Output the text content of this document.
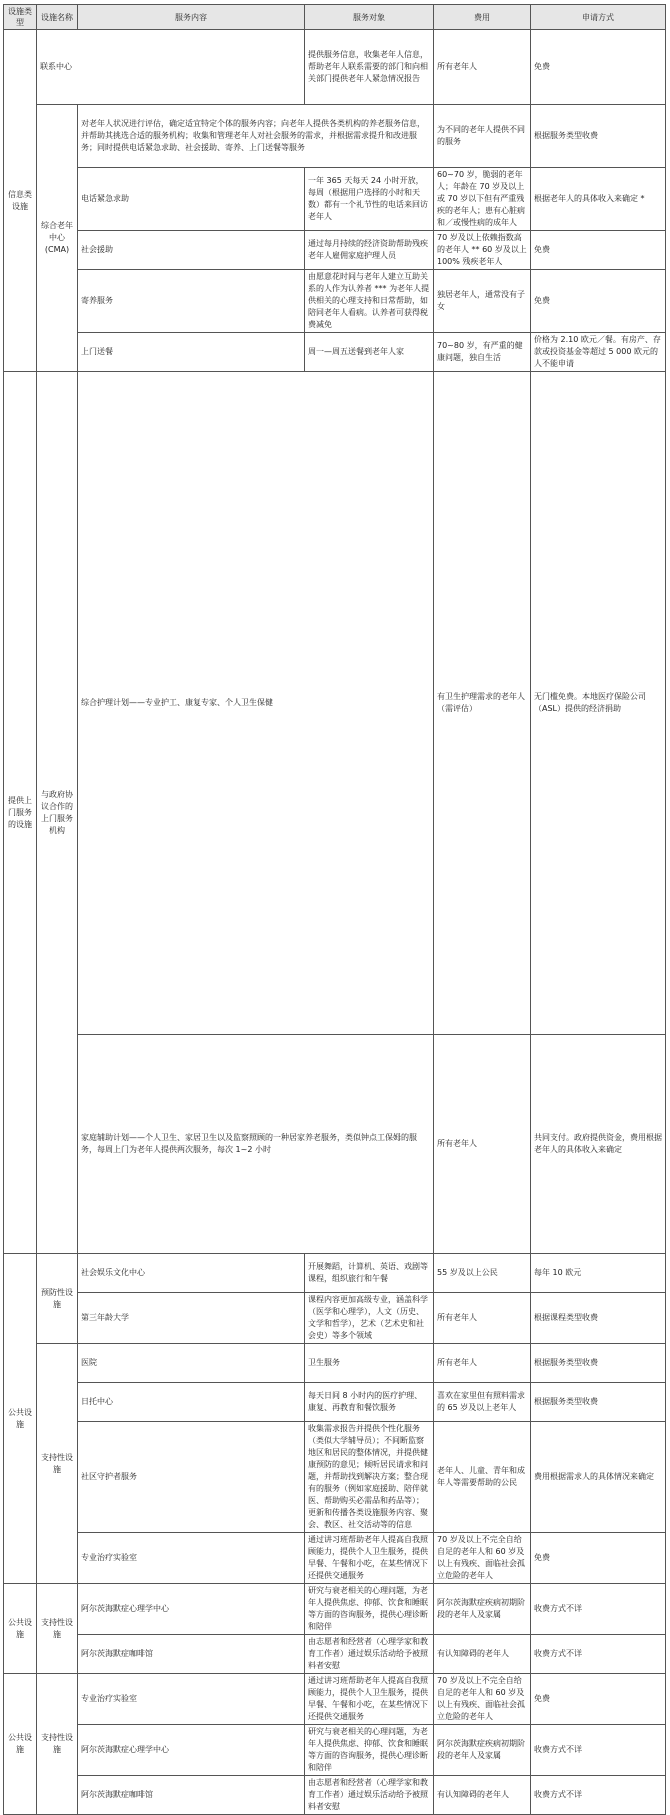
设施类型	设施名称	服务内容	服务对象	费用	申请方式	
信息类设施	联系中心		提供服务信息，收集老年人信息，帮助老年人联系需要的部门和向相关部门提供老年人紧急情况报告	所有老年人	免费	
	综合老年中心(CMA)	对老年人状况进行评估，确定适宜特定个体的服务内容；向老年人提供各类机构的养老服务信息，并帮助其挑选合适的服务机构；收集和管理老年人对社会服务的需求，并根据需求提升和改进服务；同时提供电话紧急求助、社会援助、寄养、上门送餐等服务		为不同的老年人提供不同的服务	根据服务类型收费	
		电话紧急求助	一年 365 天每天 24 小时开放，每周（根据用户选择的小时和天数）都有一个礼节性的电话来回访老年人	60~70 岁，脆弱的老年人；年龄在 70 岁及以上或 70 岁以下但有严重残疾的老年人；患有心脏病和／或慢性病的成年人	根据老年人的具体收入来确定 *	
		社会援助	通过每月持续的经济资助帮助残疾老年人雇佣家庭护理人员	70 岁及以上依赖指数高的老年人 ** 60 岁及以上 100% 残疾老年人	免费	
		寄养服务	由愿意花时间与老年人建立互助关系的人作为认养者 *** 为老年人提供相关的心理支持和日常帮助，如陪同老年人看病。认养者可获得税费减免	独居老年人，通常没有子女	免费	
		上门送餐	周一—周五送餐到老年人家	70~80 岁，有严重的健康问题，独自生活	价格为 2.10 欧元／餐。有房产、存款或投资基金等超过 5 000 欧元的人不能申请	
提供上门服务的设施	与政府协议合作的上门服务机构	综合护理计划——专业护工、康复专家、个人卫生保健		有卫生护理需求的老年人（需评估）	无门槛免费。本地医疗保险公司（ASL）提供的经济捐助	
		家庭辅助计划——个人卫生、家居卫生以及监察照顾的一种居家养老服务，类似钟点工保姆的服务，每周上门为老年人提供两次服务，每次 1~2 小时		所有老年人	共同支付。政府提供资金，费用根据老年人的具体收入来确定	
公共设施	预防性设施	社会娱乐文化中心	开展舞蹈，计算机、英语、戏剧等课程，组织旅行和午餐	55 岁及以上公民	每年 10 欧元	
		第三年龄大学	课程内容更加高级专业，涵盖科学（医学和心理学），人文（历史、文学和哲学），艺术（艺术史和社会史）等多个领域	所有老年人	根据课程类型收费	
	支持性设施	医院	卫生服务	所有老年人	根据服务类型收费	
		日托中心	每天日间 8 小时内的医疗护理、康复、再教育和餐饮服务	喜欢在家里但有照料需求的 65 岁及以上老年人	根据服务类型收费	
		社区守护者服务	收集需求报告并提供个性化服务（类似大学辅导员）；不间断监察地区和居民的整体情况，并提供健康预防的意见；倾听居民请求和问题，并帮助找到解决方案；整合现有的服务（例如家庭援助、陪伴就医、帮助购买必需品和药品等）；更新和传播各类设施服务内容、聚会、教区、社交活动等的信息	老年人、儿童、青年和成年人等需要帮助的公民	费用根据需求人的具体情况来确定	
		专业治疗实验室	通过讲习班帮助老年人提高自我照顾能力，提供个人卫生服务，提供早餐、午餐和小吃，在某些情况下还提供交通服务	70 岁及以上不完全自给自足的老年人和 60 岁及以上有残疾、面临社会孤立危险的老年人	免费	
公共设施	支持性设施	阿尔茨海默症心理学中心	研究与衰老相关的心理问题，为老年人提供焦虑、抑郁、饮食和睡眠等方面的咨询服务，提供心理诊断和陪伴	阿尔茨海默症疾病初期阶段的老年人及家属	收费方式不详	
		阿尔茨海默症咖啡馆	由志愿者和经营者（心理学家和教育工作者）通过娱乐活动给予被照料者安慰	有认知障碍的老年人	收费方式不详	
公共设施	支持性设施	专业治疗实验室	通过讲习班帮助老年人提高自我照顾能力，提供个人卫生服务，提供早餐、午餐和小吃，在某些情况下还提供交通服务	70 岁及以上不完全自给自足的老年人和 60 岁及以上有残疾、面临社会孤立危险的老年人	免费	
		阿尔茨海默症心理学中心	研究与衰老相关的心理问题，为老年人提供焦虑、抑郁、饮食和睡眠等方面的咨询服务，提供心理诊断和陪伴	阿尔茨海默症疾病初期阶段的老年人及家属	收费方式不详	
		阿尔茨海默症咖啡馆	由志愿者和经营者（心理学家和教育工作者）通过娱乐活动给予被照料者安慰	有认知障碍的老年人	收费方式不详	
